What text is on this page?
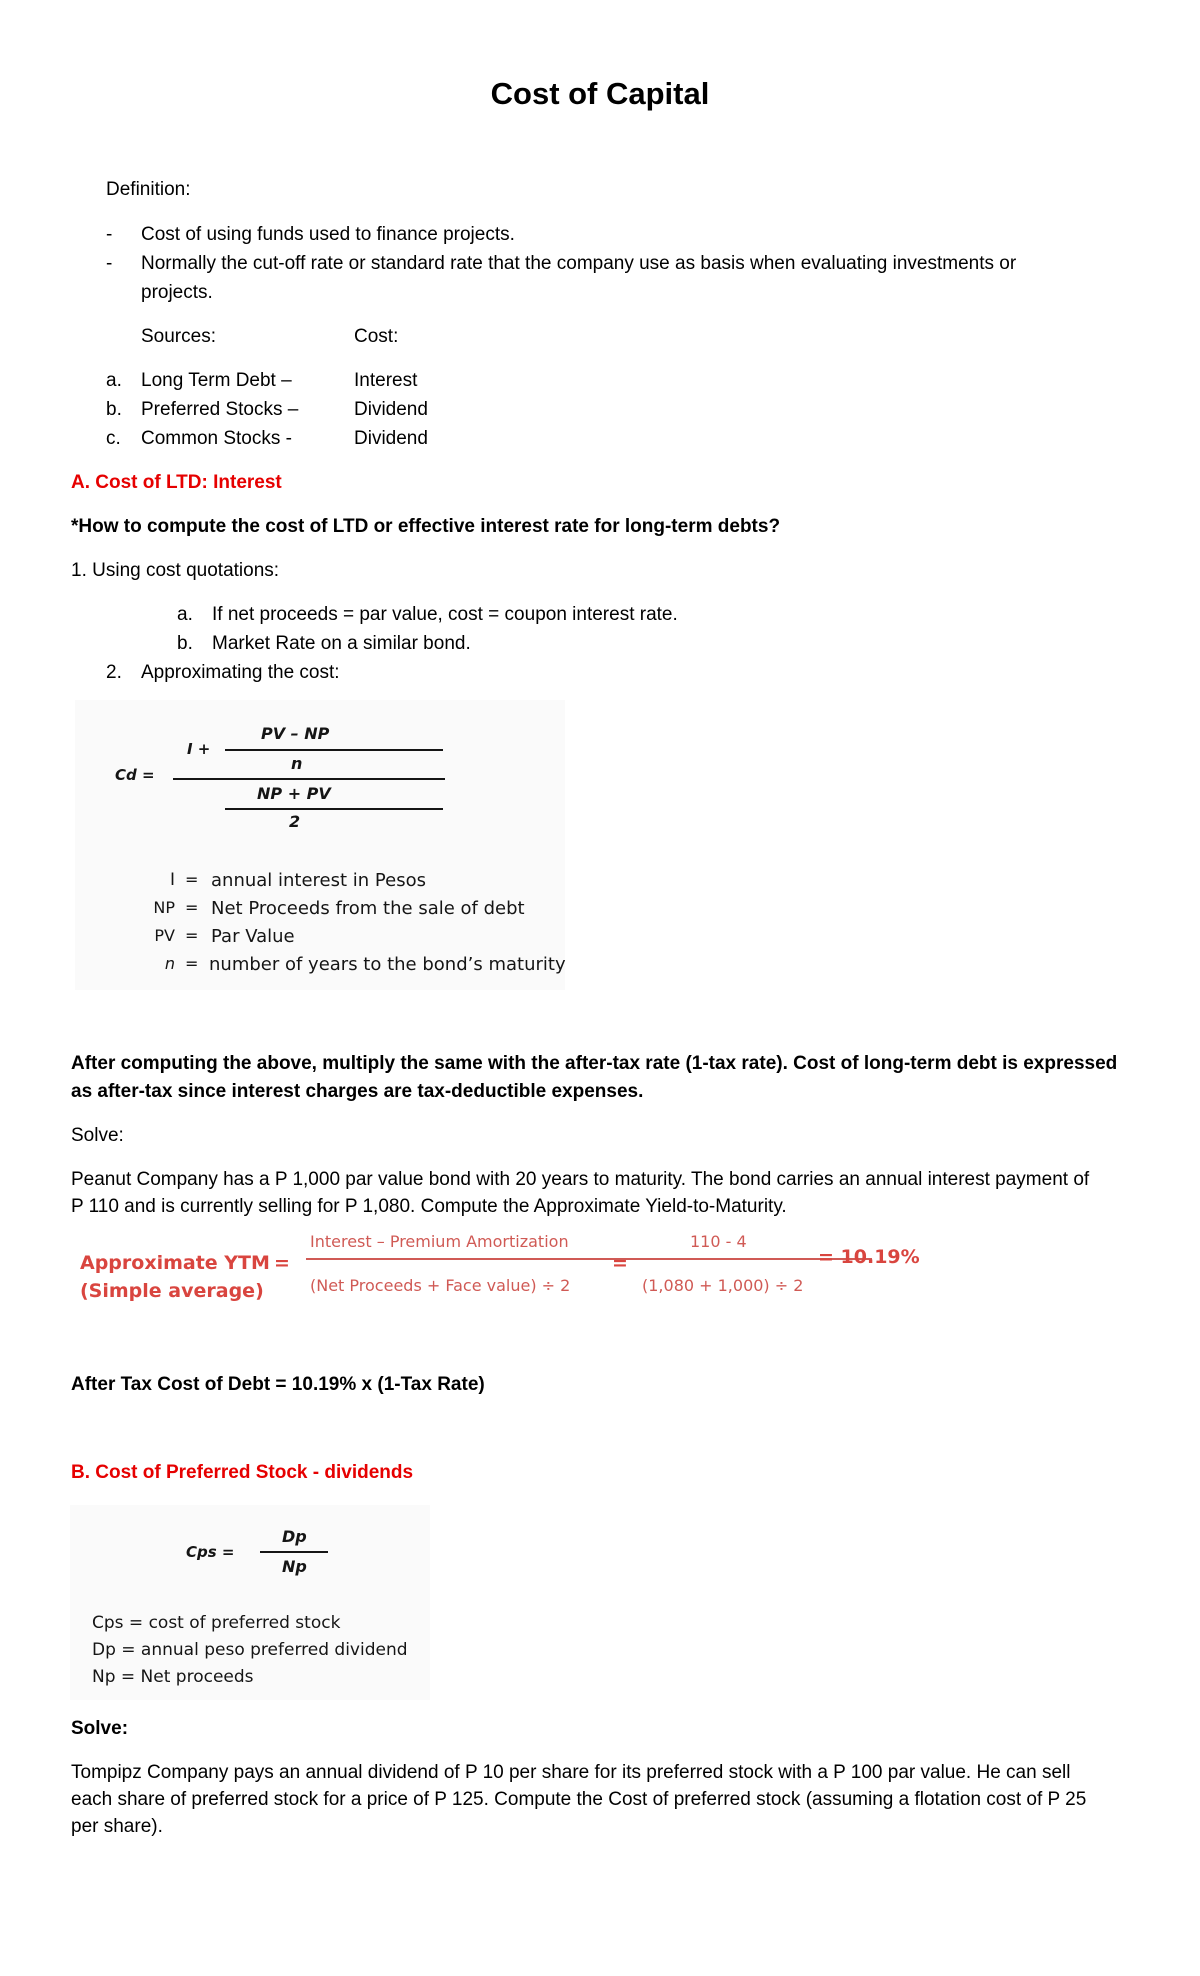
Cost of Capital
Definition:
- Cost of using funds used to finance projects.
- Normally the cut-off rate or standard rate that the company use as basis when evaluating investments or
projects.
Sources:	Cost:
a. Long Term Debt –	Interest
b. Preferred Stocks –	Dividend
c. Common Stocks -	Dividend
A. Cost of LTD: Interest
*How to compute the cost of LTD or effective interest rate for long-term debts?
1. Using cost quotations:
a. If net proceeds = par value, cost = coupon interest rate.
b. Market Rate on a similar bond.
2. Approximating the cost:
Cd =
I +
PV – NP
n
NP + PV
2
I = annual interest in Pesos
NP = Net Proceeds from the sale of debt
PV = Par Value
n = number of years to the bond’s maturity
After computing the above, multiply the same with the after-tax rate (1-tax rate). Cost of long-term debt is expressed
as after-tax since interest charges are tax-deductible expenses.
Solve:
Peanut Company has a P 1,000 par value bond with 20 years to maturity. The bond carries an annual interest payment of
P 110 and is currently selling for P 1,080. Compute the Approximate Yield-to-Maturity.
Approximate YTM
(Simple average)
=
Interest – Premium Amortization
(Net Proceeds + Face value) ÷ 2
=
110 - 4
(1,080 + 1,000) ÷ 2
= 10.19%
After Tax Cost of Debt = 10.19% x (1-Tax Rate)
B. Cost of Preferred Stock - dividends
Cps =
Dp
Np
Cps = cost of preferred stock
Dp = annual peso preferred dividend
Np = Net proceeds
Solve:
Tompipz Company pays an annual dividend of P 10 per share for its preferred stock with a P 100 par value. He can sell
each share of preferred stock for a price of P 125. Compute the Cost of preferred stock (assuming a flotation cost of P 25
per share).
